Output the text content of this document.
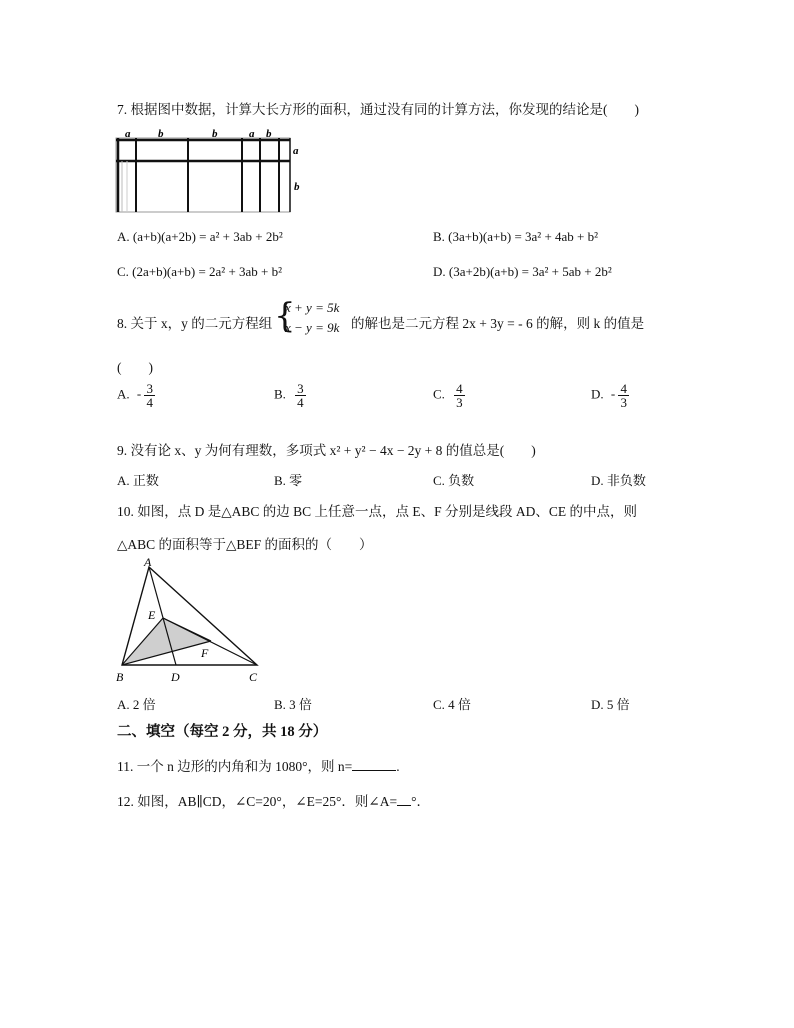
7. 根据图中数据，计算大长方形的面积，通过没有同的计算方法，你发现的结论是(　　)
a	b	b	a b
a
b
A. (a+b)(a+2b) = a² + 3ab + 2b²	B. (3a+b)(a+b) = 3a² + 4ab + b²
C. (2a+b)(a+b) = 2a² + 3ab + b²	D. (3a+2b)(a+b) = 3a² + 5ab + 2b²
8. 关于 x，y 的二元方程组 {
x + y = 5k
x − y = 9k 的解也是二元方程 2x + 3y = - 6 的解，则 k 的值是
(　　)
A. - $\frac{3}{4}$	B. $\frac{3}{4}$	C. $\frac{4}{3}$	D. - $\frac{4}{3}$
9. 没有论 x、y 为何有理数，多项式 x² + y² − 4x − 2y + 8 的值总是(　　)
A. 正数	B. 零	C. 负数	D. 非负数
10. 如图，点 D 是△ABC 的边 BC 上任意一点，点 E、F 分别是线段 AD、CE 的中点，则
△ABC 的面积等于△BEF 的面积的（　　）
A
B	C
D
E
F
A. 2 倍	B. 3 倍	C. 4 倍	D. 5 倍
二、填空（每空 2 分，共 18 分）
11. 一个 n 边形的内角和为 1080°，则 n=	.
12. 如图，AB∥CD，∠C=20°，∠E=25°．则∠A= °．
